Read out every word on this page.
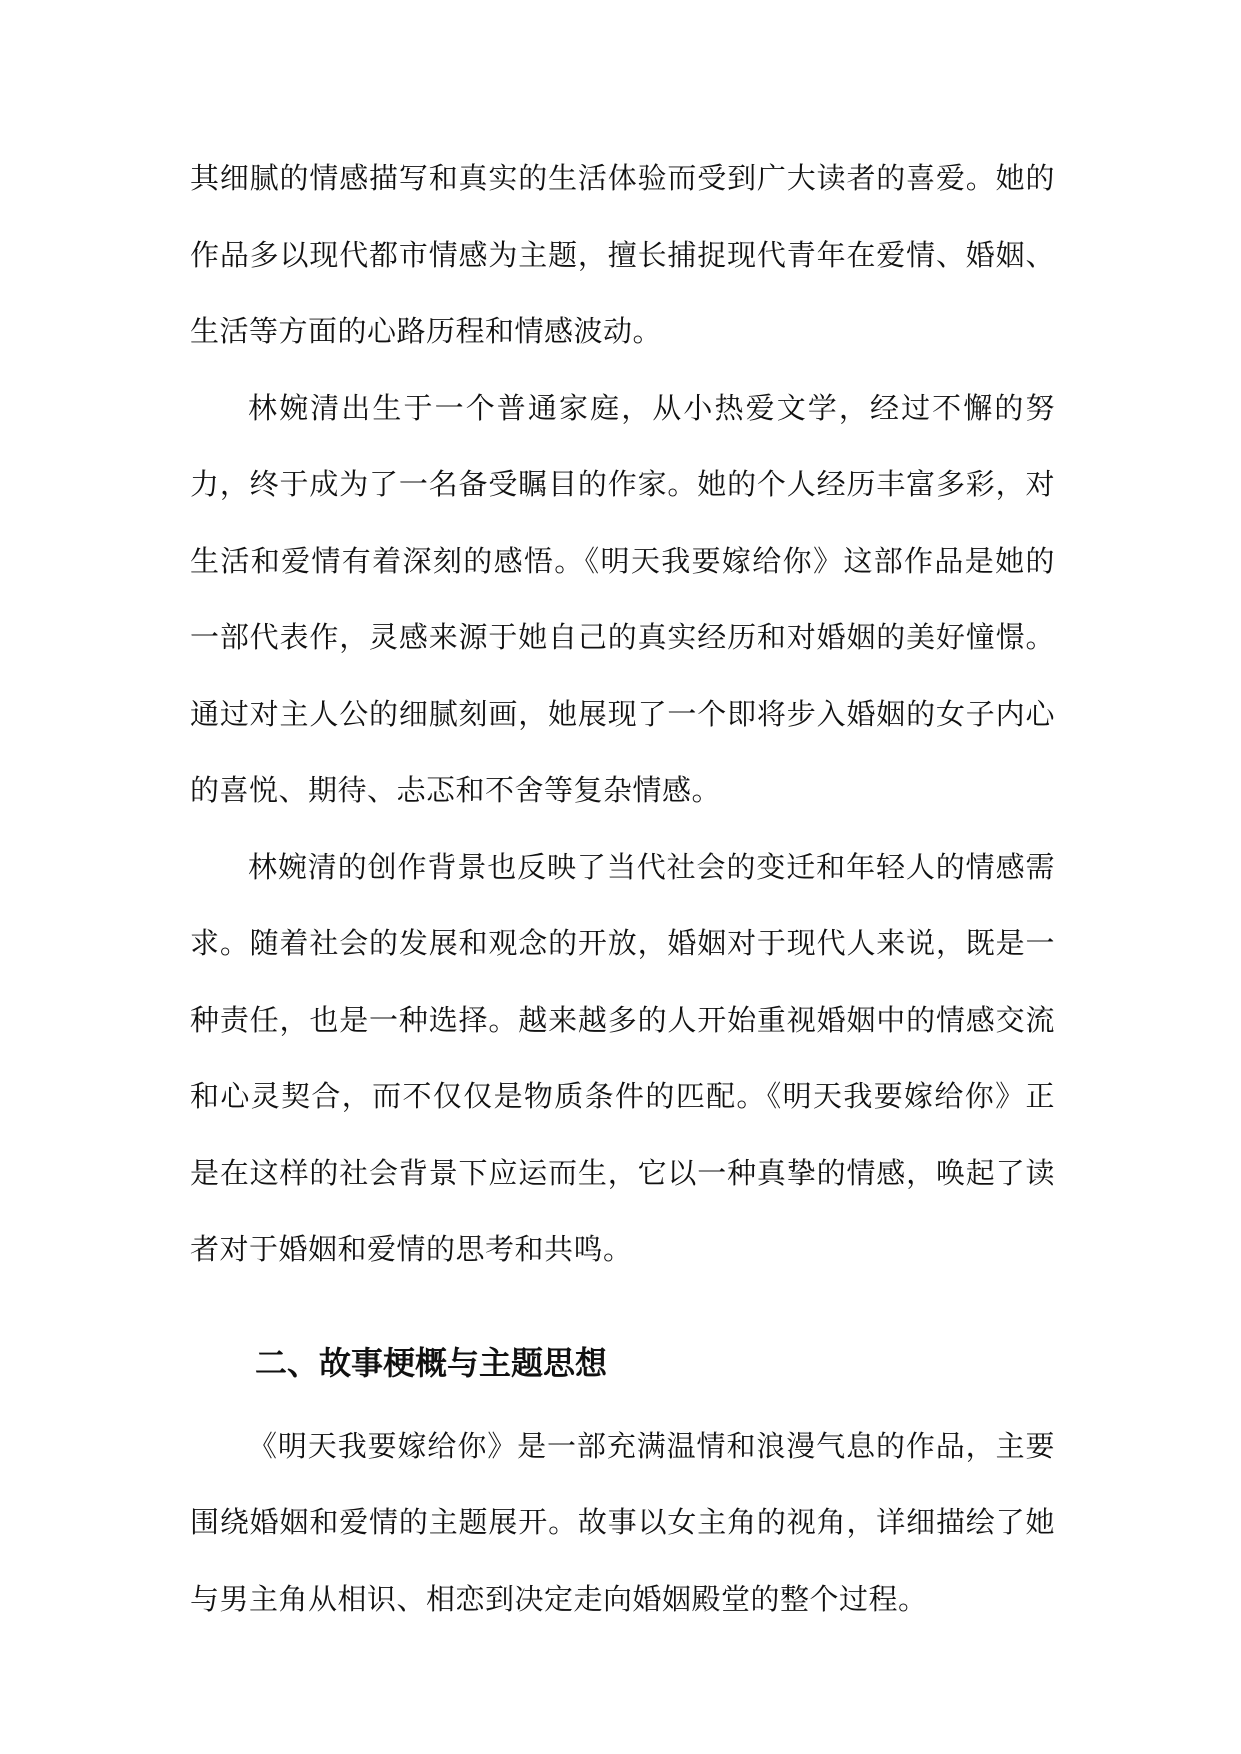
其细腻的情感描写和真实的生活体验而受到广大读者的喜爱。她的作品多以现代都市情感为主题，擅长捕捉现代青年在爱情、婚姻、生活等方面的心路历程和情感波动。

林婉清出生于一个普通家庭，从小热爱文学，经过不懈的努力，终于成为了一名备受瞩目的作家。她的个人经历丰富多彩，对生活和爱情有着深刻的感悟。《明天我要嫁给你》这部作品是她的一部代表作，灵感来源于她自己的真实经历和对婚姻的美好憧憬。通过对主人公的细腻刻画，她展现了一个即将步入婚姻的女子内心的喜悦、期待、忐忑和不舍等复杂情感。

林婉清的创作背景也反映了当代社会的变迁和年轻人的情感需求。随着社会的发展和观念的开放，婚姻对于现代人来说，既是一种责任，也是一种选择。越来越多的人开始重视婚姻中的情感交流和心灵契合，而不仅仅是物质条件的匹配。《明天我要嫁给你》正是在这样的社会背景下应运而生，它以一种真挚的情感，唤起了读者对于婚姻和爱情的思考和共鸣。

二、故事梗概与主题思想

《明天我要嫁给你》是一部充满温情和浪漫气息的作品，主要围绕婚姻和爱情的主题展开。故事以女主角的视角，详细描绘了她与男主角从相识、相恋到决定走向婚姻殿堂的整个过程。
